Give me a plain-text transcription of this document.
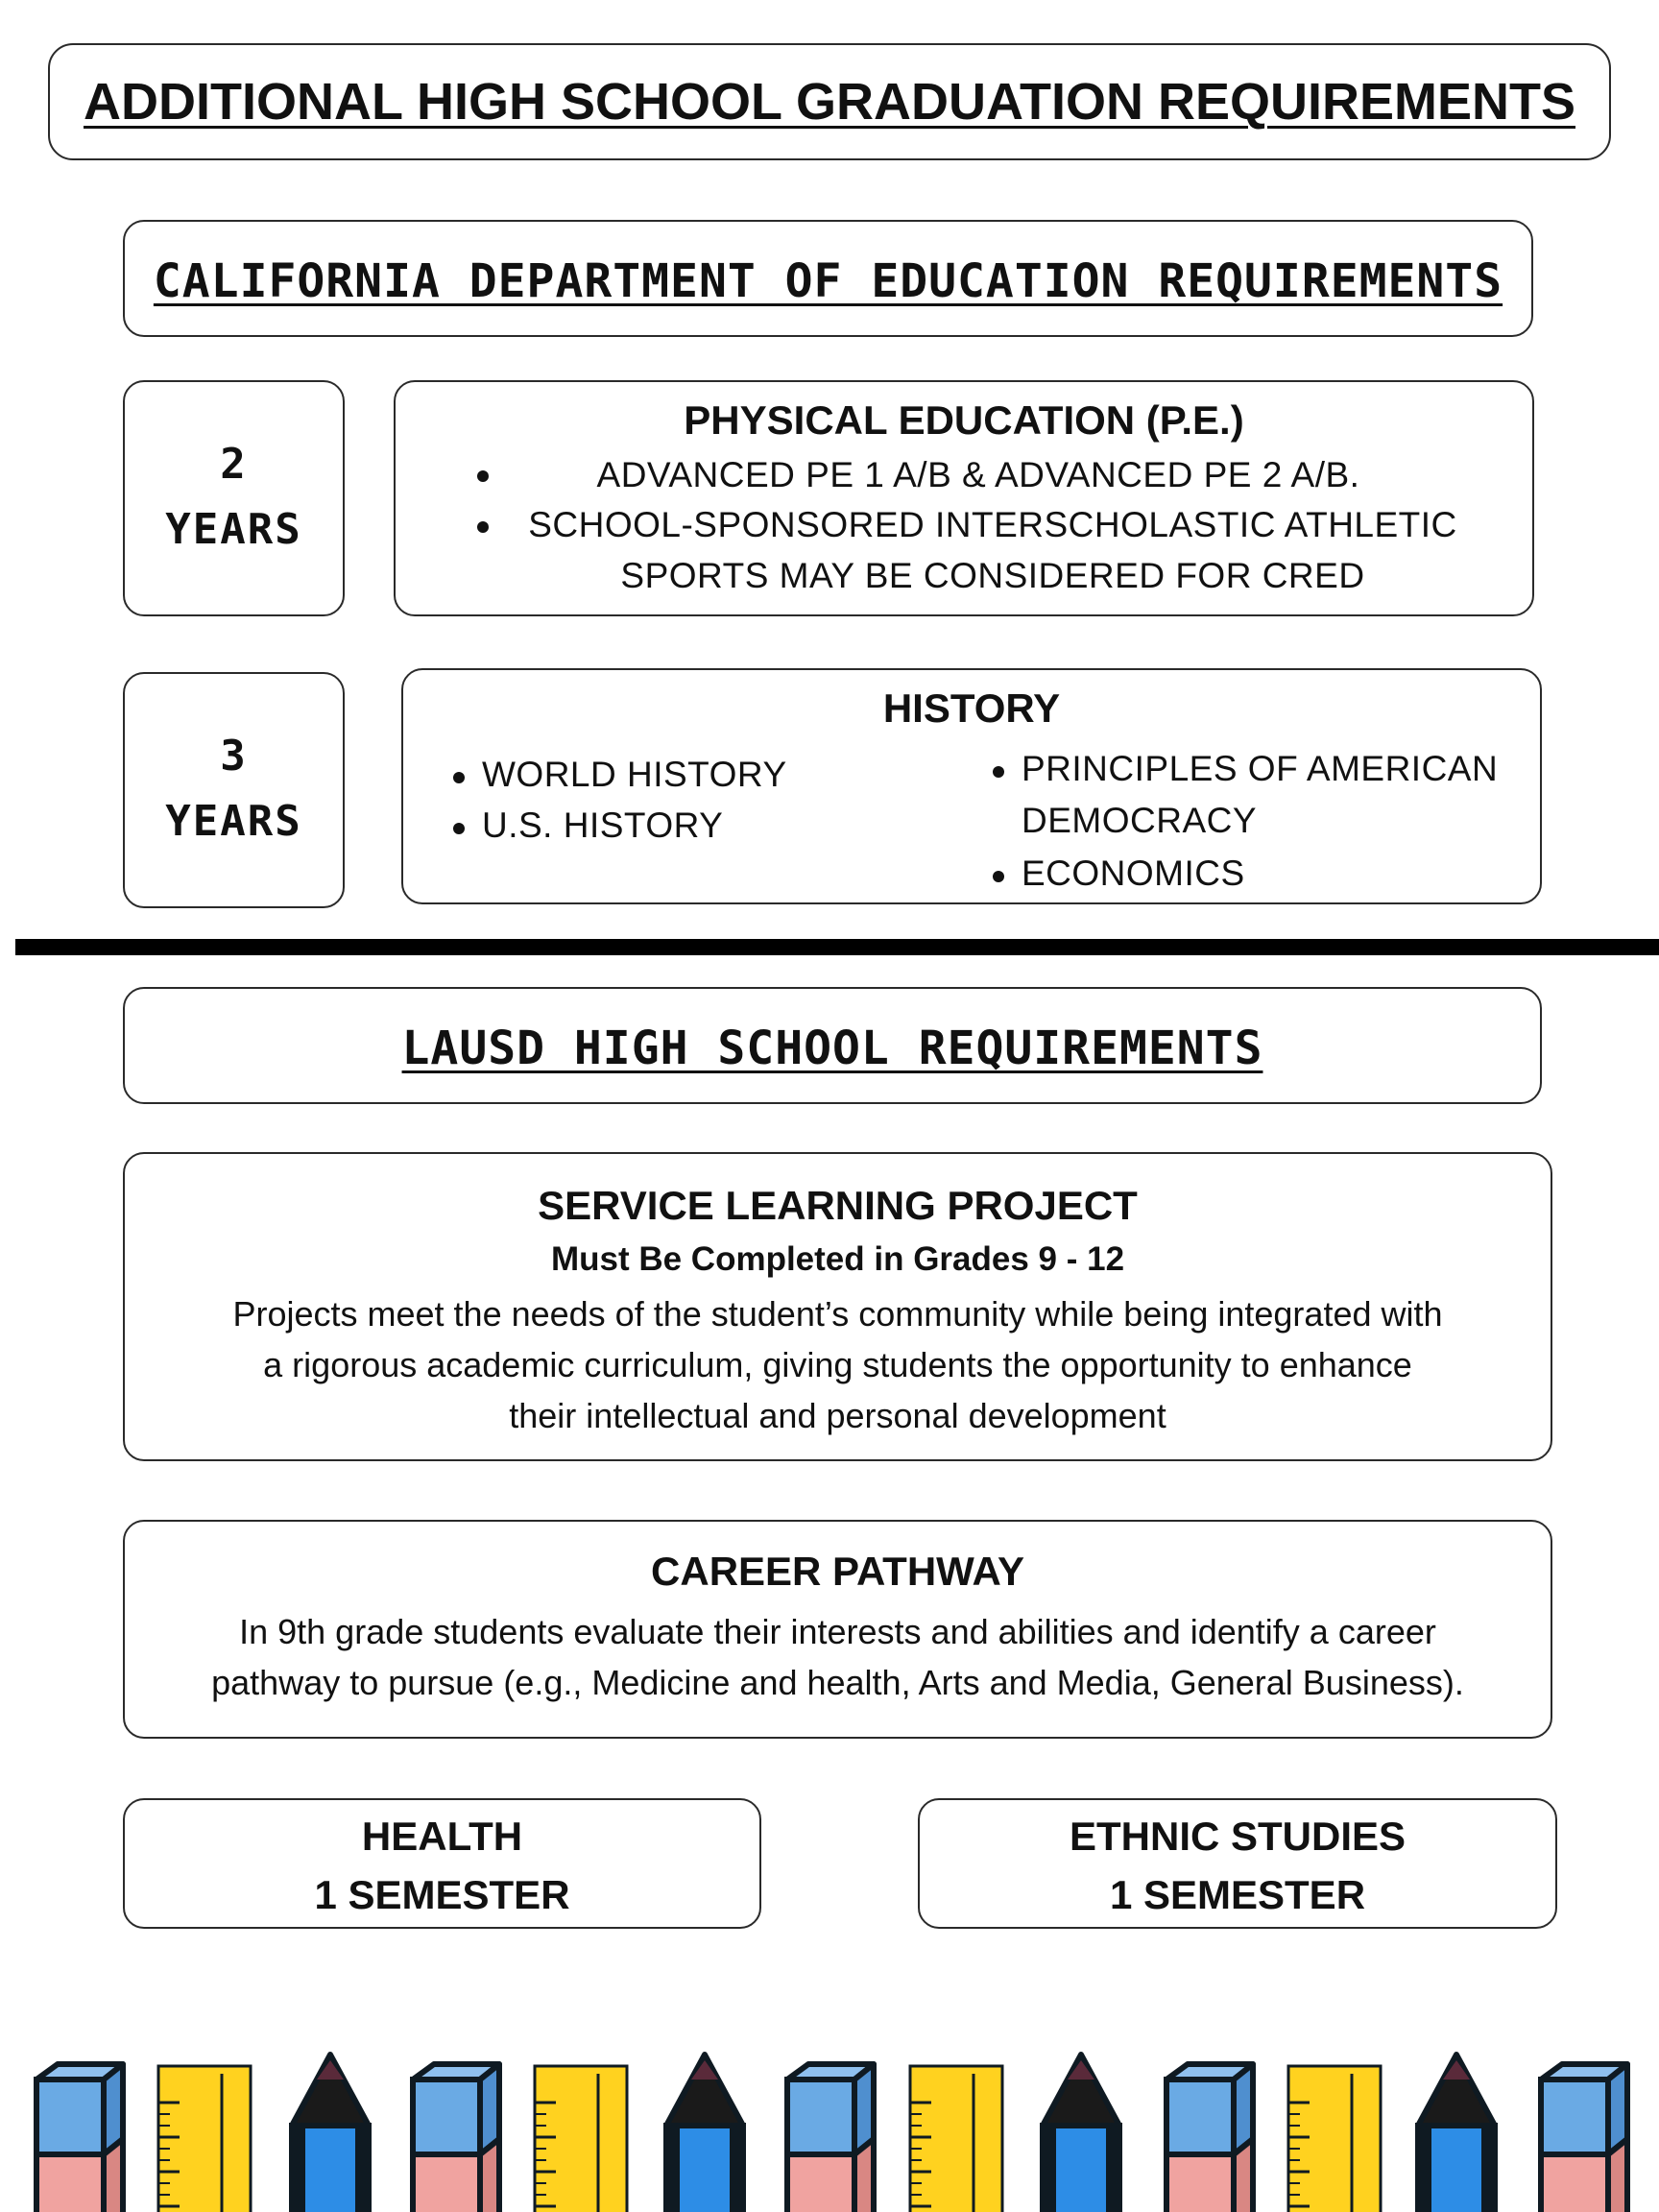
ADDITIONAL HIGH SCHOOL GRADUATION REQUIREMENTS
CALIFORNIA DEPARTMENT OF EDUCATION REQUIREMENTS
2
YEARS
PHYSICAL EDUCATION (P.E.)
ADVANCED PE 1 A/B & ADVANCED PE 2 A/B.
SCHOOL-SPONSORED INTERSCHOLASTIC ATHLETIC
SPORTS MAY BE CONSIDERED FOR CRED
3
YEARS
HISTORY
WORLD HISTORY
U.S. HISTORY
PRINCIPLES OF AMERICAN
DEMOCRACY
ECONOMICS
LAUSD HIGH SCHOOL REQUIREMENTS
SERVICE LEARNING PROJECT
Must Be Completed in Grades 9 - 12
Projects meet the needs of the student’s community while being integrated with
a rigorous academic curriculum, giving students the opportunity to enhance
their intellectual and personal development
CAREER PATHWAY
In 9th grade students evaluate their interests and abilities and identify a career
pathway to pursue (e.g., Medicine and health, Arts and Media, General Business).
HEALTH
1 SEMESTER
ETHNIC STUDIES
1 SEMESTER
